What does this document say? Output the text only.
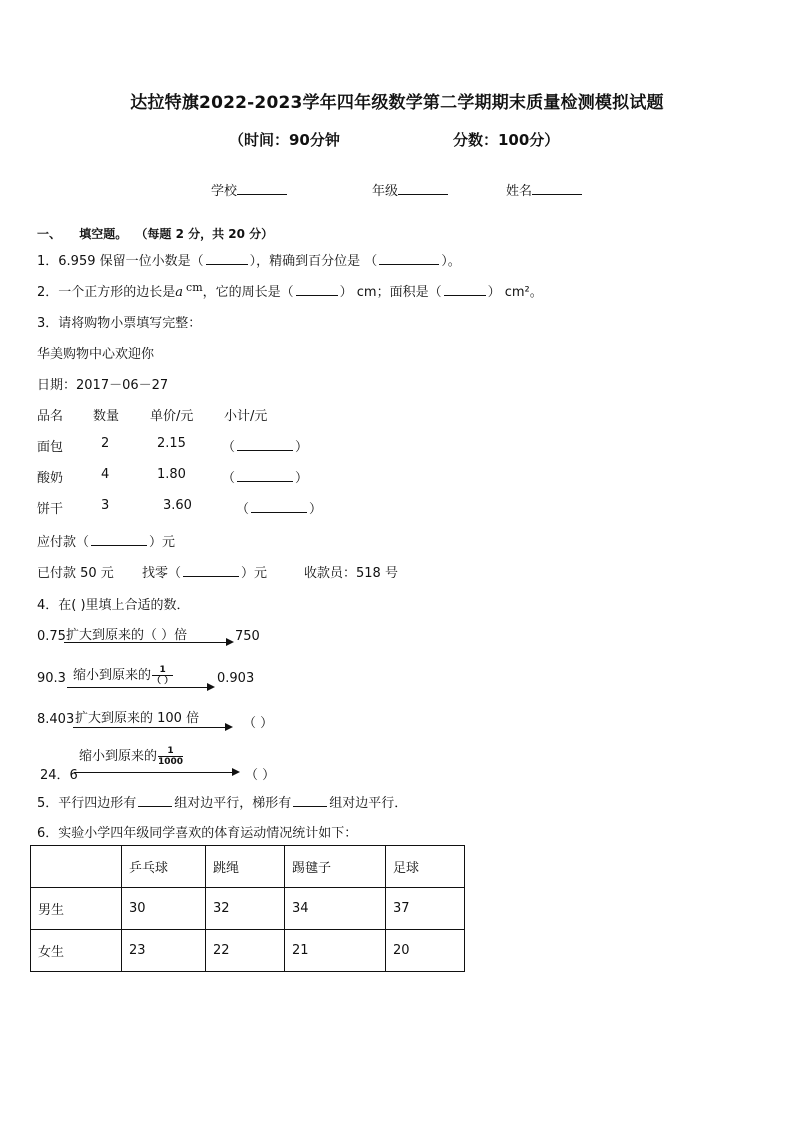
达拉特旗2022-2023学年四年级数学第二学期期末质量检测模拟试题
（时间：90分钟	分数：100分）
学校	年级	姓名
一、 填空题。 （每题 2 分，共 20 分）
1．6.959 保留一位小数是（	），精确到百分位是 （	）。
2．一个正方形的边长是a $^{cm}$，它的周长是（	） cm；面积是（	） cm²。
3．请将购物小票填写完整：
华美购物中心欢迎你
日期：2017－06－27
品名 数量 单价/元 小计/元
面包	2	2.15	（	）
酸奶	4	1.80	（	）
饼干	3	3.60	（	）
应付款（	）元
已付款 50 元 找零（	）元	收款员：518 号
4．在( )里填上合适的数．
0.75 扩大到原来的（ ）倍	750
90.3 缩小到原来的 $\frac{1}{( )}$	0.903
8.403 扩大到原来的 100 倍	（ ）
缩小到原来的 $\frac{1}{1000}$
24．6	（ ）
5．平行四边形有	组对边平行，梯形有	组对边平行．
6．实验小学四年级同学喜欢的体育运动情况统计如下：
	乒乓球	跳绳	踢毽子	足球
男生	30	32	34	37
女生	23	22	21	20
